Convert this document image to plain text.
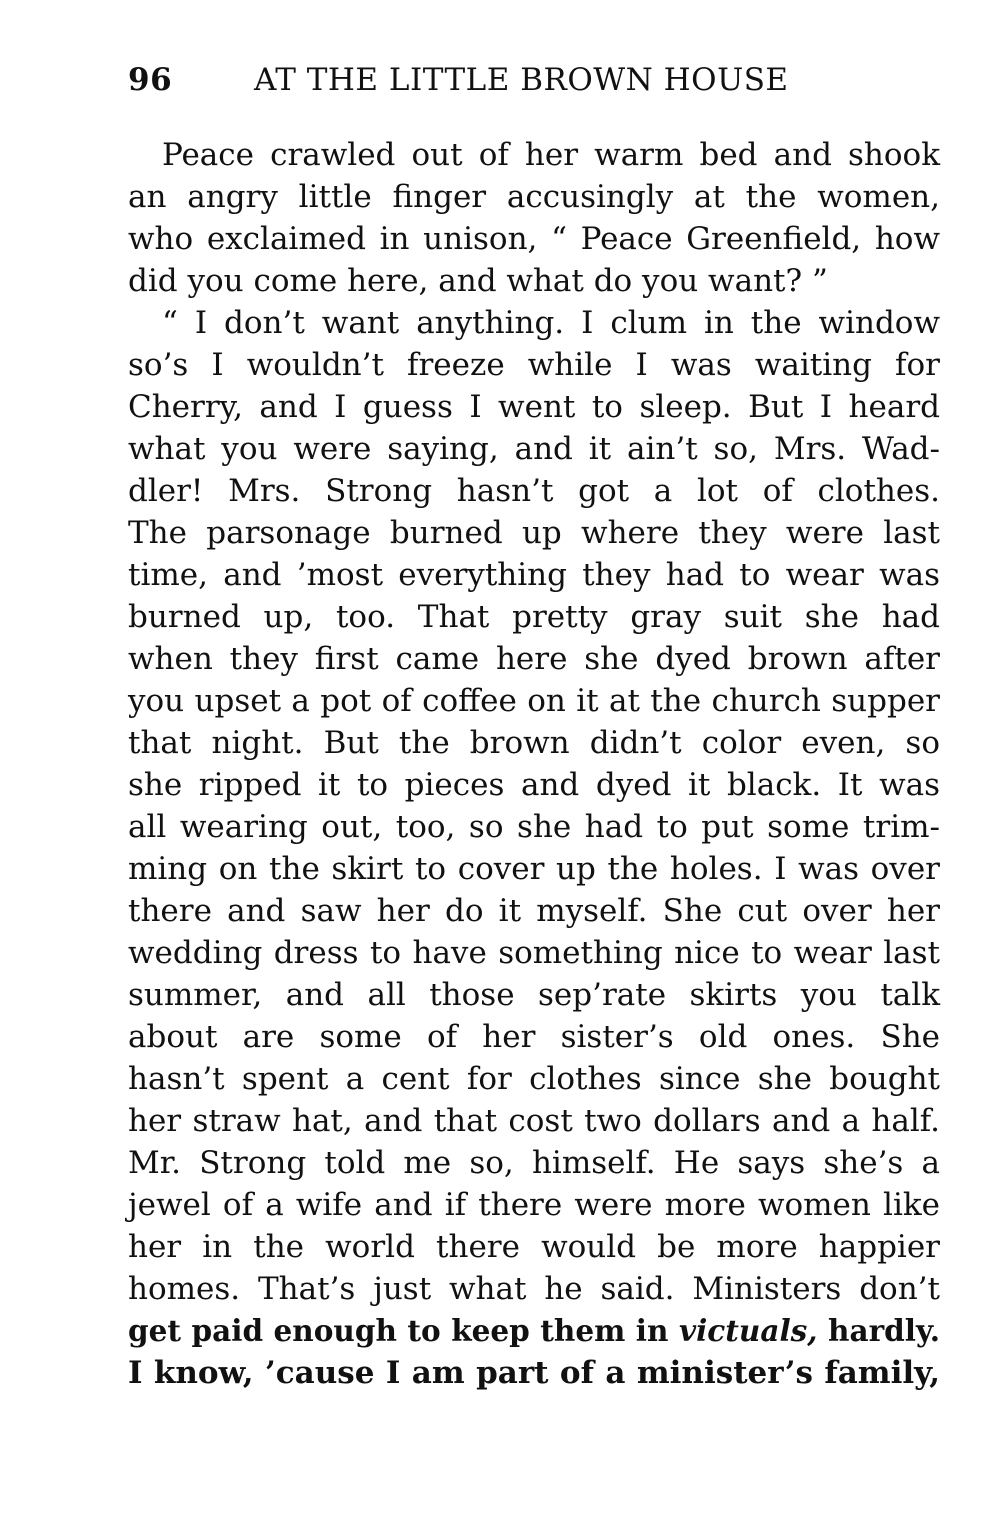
96	AT THE LITTLE BROWN HOUSE
Peace crawled out of her warm bed and shook
an angry little finger accusingly at the women,
who exclaimed in unison, “ Peace Greenfield, how
did you come here, and what do you want? ”
“ I don’t want anything. I clum in the window
so’s I wouldn’t freeze while I was waiting for
Cherry, and I guess I went to sleep. But I heard
what you were saying, and it ain’t so, Mrs. Wad-
dler! Mrs. Strong hasn’t got a lot of clothes.
The parsonage burned up where they were last
time, and ’most everything they had to wear was
burned up, too. That pretty gray suit she had
when they first came here she dyed brown after
you upset a pot of coffee on it at the church supper
that night. But the brown didn’t color even, so
she ripped it to pieces and dyed it black. It was
all wearing out, too, so she had to put some trim-
ming on the skirt to cover up the holes. I was over
there and saw her do it myself. She cut over her
wedding dress to have something nice to wear last
summer, and all those sep’rate skirts you talk
about are some of her sister’s old ones. She
hasn’t spent a cent for clothes since she bought
her straw hat, and that cost two dollars and a half.
Mr. Strong told me so, himself. He says she’s a
jewel of a wife and if there were more women like
her in the world there would be more happier
homes. That’s just what he said. Ministers don’t
get paid enough to keep them in victuals, hardly.
I know, ’cause I am part of a minister’s family,
